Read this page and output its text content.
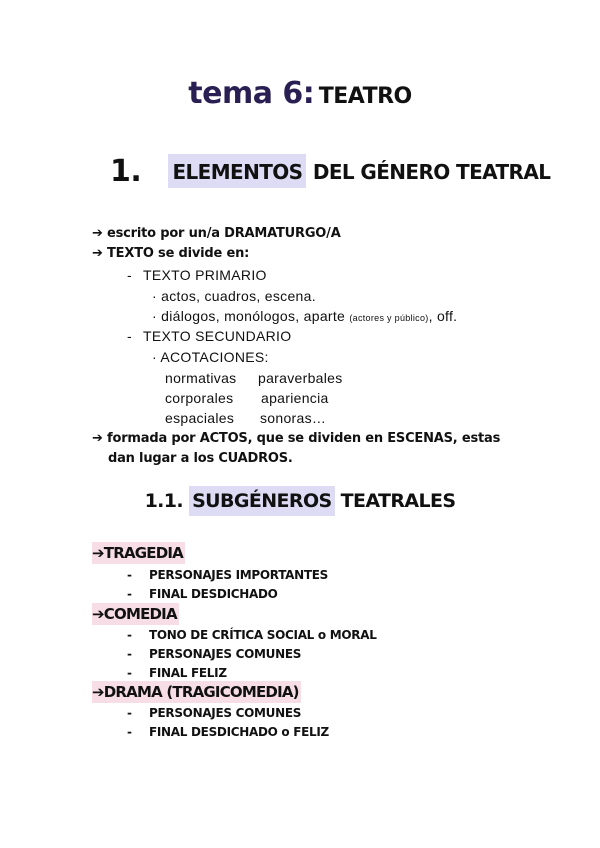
tema 6: TEATRO
1. ELEMENTOS DEL GÉNERO TEATRAL
➔ escrito por un/a DRAMATURGO/A
➔ TEXTO se divide en:
- TEXTO PRIMARIO
· actos, cuadros, escena.
· diálogos, monólogos, aparte (actores y público), off.
- TEXTO SECUNDARIO
· ACOTACIONES:
normativas paraverbales
corporales apariencia
espaciales sonoras…
➔ formada por ACTOS, que se dividen en ESCENAS, estas
dan lugar a los CUADROS.
1.1. SUBGÉNEROS TEATRALES
➔TRAGEDIA
- PERSONAJES IMPORTANTES
- FINAL DESDICHADO
➔COMEDIA
- TONO DE CRÍTICA SOCIAL o MORAL
- PERSONAJES COMUNES
- FINAL FELIZ
➔DRAMA (TRAGICOMEDIA)
- PERSONAJES COMUNES
- FINAL DESDICHADO o FELIZ
